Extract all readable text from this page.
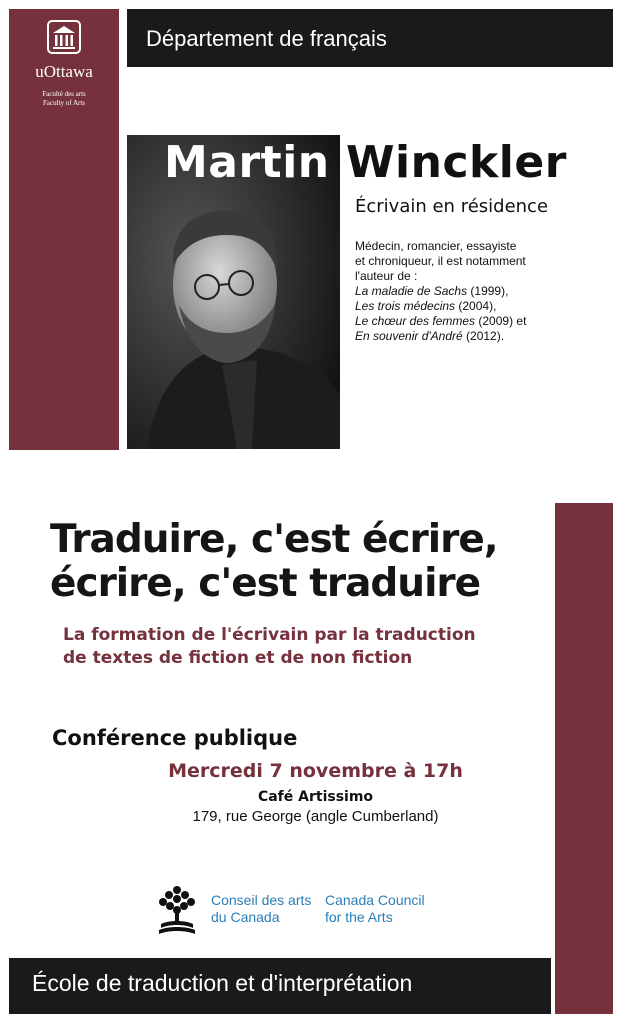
uOttawa
Faculté des arts
Faculty of Arts
Département de français
Martin Winckler
Écrivain en résidence
Médecin, romancier, essayiste
et chroniqueur, il est notamment
l'auteur de :
La maladie de Sachs (1999),
Les trois médecins (2004),
Le chœur des femmes (2009) et
En souvenir d'André (2012).
Traduire, c'est écrire,
écrire, c'est traduire
La formation de l'écrivain par la traduction
de textes de fiction et de non fiction
Conférence publique
Mercredi 7 novembre à 17h
Café Artissimo
179, rue George (angle Cumberland)
Conseil des arts
du Canada
Canada Council
for the Arts
École de traduction et d'interprétation
